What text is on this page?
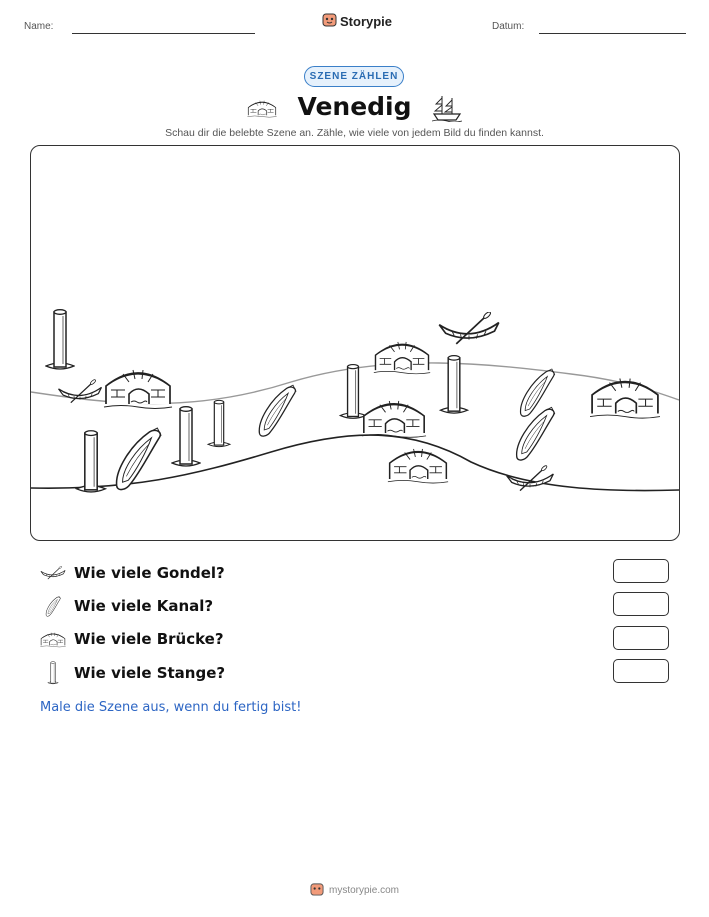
Name:	Storypie	Datum:
SZENE ZÄHLEN
Venedig
Schau dir die belebte Szene an. Zähle, wie viele von jedem Bild du finden kannst.
Wie viele Gondel?
Wie viele Kanal?
Wie viele Brücke?
Wie viele Stange?
Male die Szene aus, wenn du fertig bist!
mystorypie.com
